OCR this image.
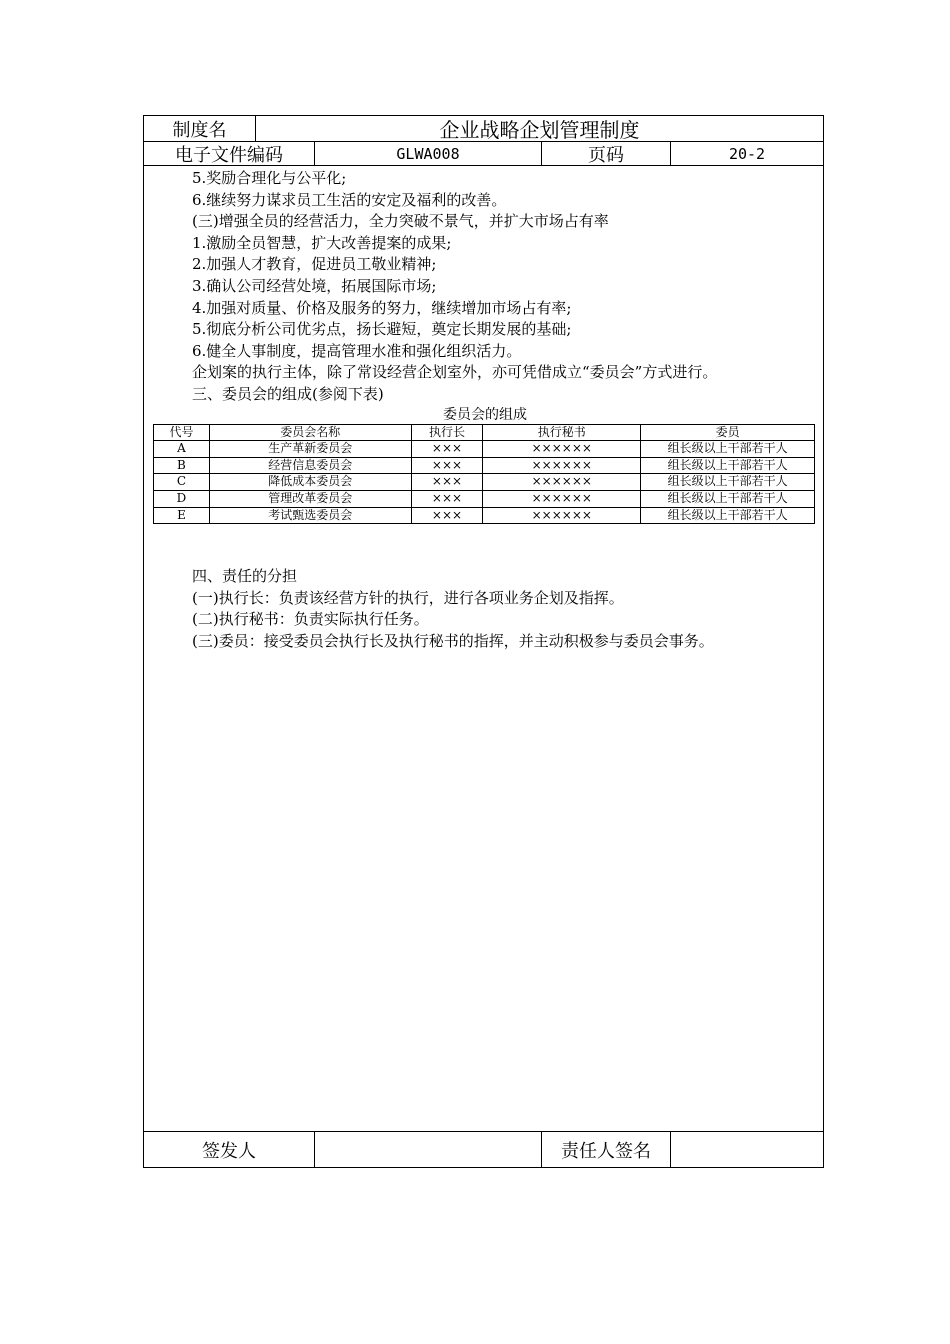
制度名	企业战略企划管理制度
电子文件编码	GLWA008	页码	20-2

5.奖励合理化与公平化;

6.继续努力谋求员工生活的安定及福利的改善。

(三)增强全员的经营活力，全力突破不景气，并扩大市场占有率

1.激励全员智慧，扩大改善提案的成果;

2.加强人才教育，促进员工敬业精神;

3.确认公司经营处境，拓展国际市场;

4.加强对质量、价格及服务的努力，继续增加市场占有率;

5.彻底分析公司优劣点，扬长避短，奠定长期发展的基础;

6.健全人事制度，提高管理水准和强化组织活力。

企划案的执行主体，除了常设经营企划室外，亦可凭借成立“委员会”方式进行。

三、委员会的组成(参阅下表)

委员会的组成
代号	委员会名称	执行长	执行秘书	委员
A	生产革新委员会	×××	××××××	组长级以上干部若干人
B	经营信息委员会	×××	××××××	组长级以上干部若干人
C	降低成本委员会	×××	××××××	组长级以上干部若干人
D	管理改革委员会	×××	××××××	组长级以上干部若干人
E	考试甄选委员会	×××	××××××	组长级以上干部若干人

四、责任的分担

(一)执行长：负责该经营方针的执行，进行各项业务企划及指挥。

(二)执行秘书：负责实际执行任务。

(三)委员：接受委员会执行长及执行秘书的指挥，并主动积极参与委员会事务。

签发人	责任人签名
